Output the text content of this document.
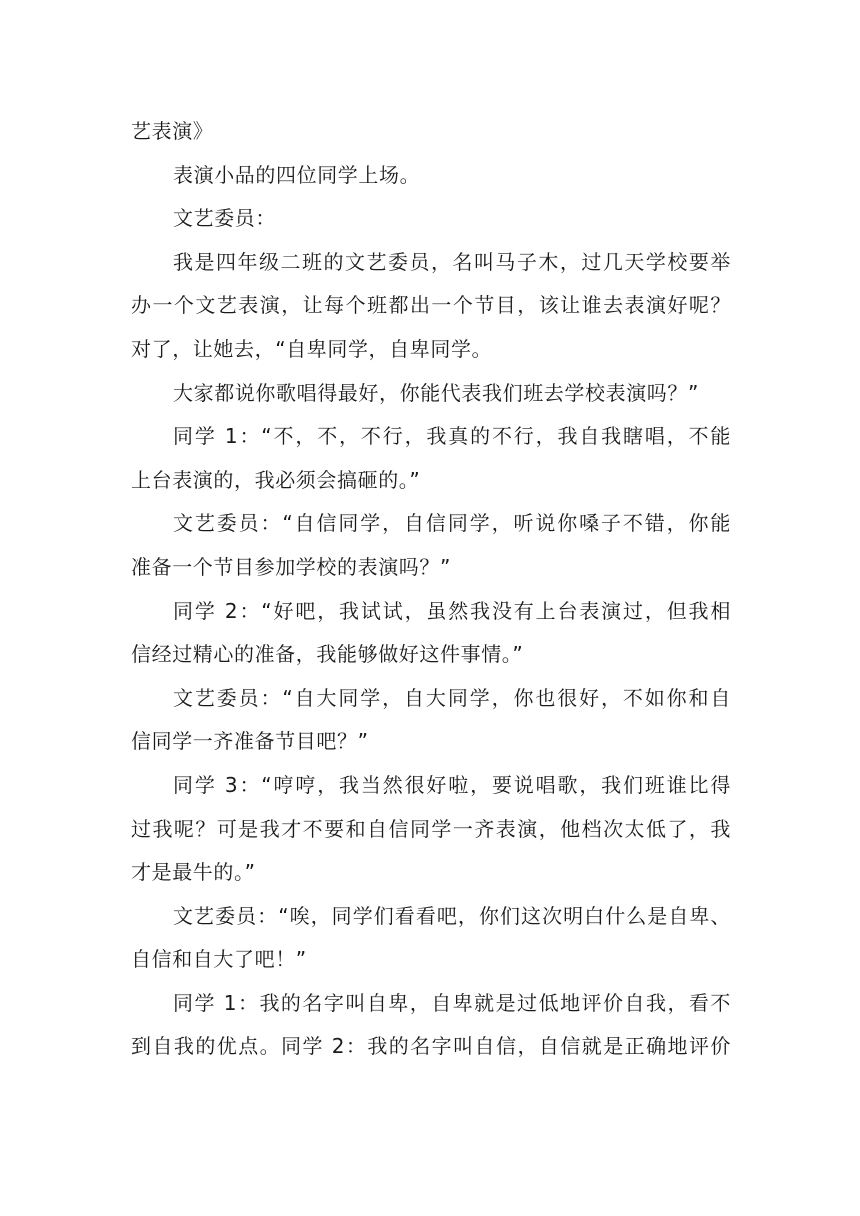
艺表演》
表演小品的四位同学上场。
文艺委员：
我是四年级二班的文艺委员，名叫马子木，过几天学校要举
办一个文艺表演，让每个班都出一个节目，该让谁去表演好呢？
对了，让她去，“自卑同学，自卑同学。
大家都说你歌唱得最好，你能代表我们班去学校表演吗？”
同学 1：“不，不，不行，我真的不行，我自我瞎唱，不能
上台表演的，我必须会搞砸的。”
文艺委员：“自信同学，自信同学，听说你嗓子不错，你能
准备一个节目参加学校的表演吗？”
同学 2：“好吧，我试试，虽然我没有上台表演过，但我相
信经过精心的准备，我能够做好这件事情。”
文艺委员：“自大同学，自大同学，你也很好，不如你和自
信同学一齐准备节目吧？”
同学 3：“哼哼，我当然很好啦，要说唱歌，我们班谁比得
过我呢？可是我才不要和自信同学一齐表演，他档次太低了，我
才是最牛的。”
文艺委员：“唉，同学们看看吧，你们这次明白什么是自卑、
自信和自大了吧！”
同学 1：我的名字叫自卑，自卑就是过低地评价自我，看不
到自我的优点。同学 2：我的名字叫自信，自信就是正确地评价
